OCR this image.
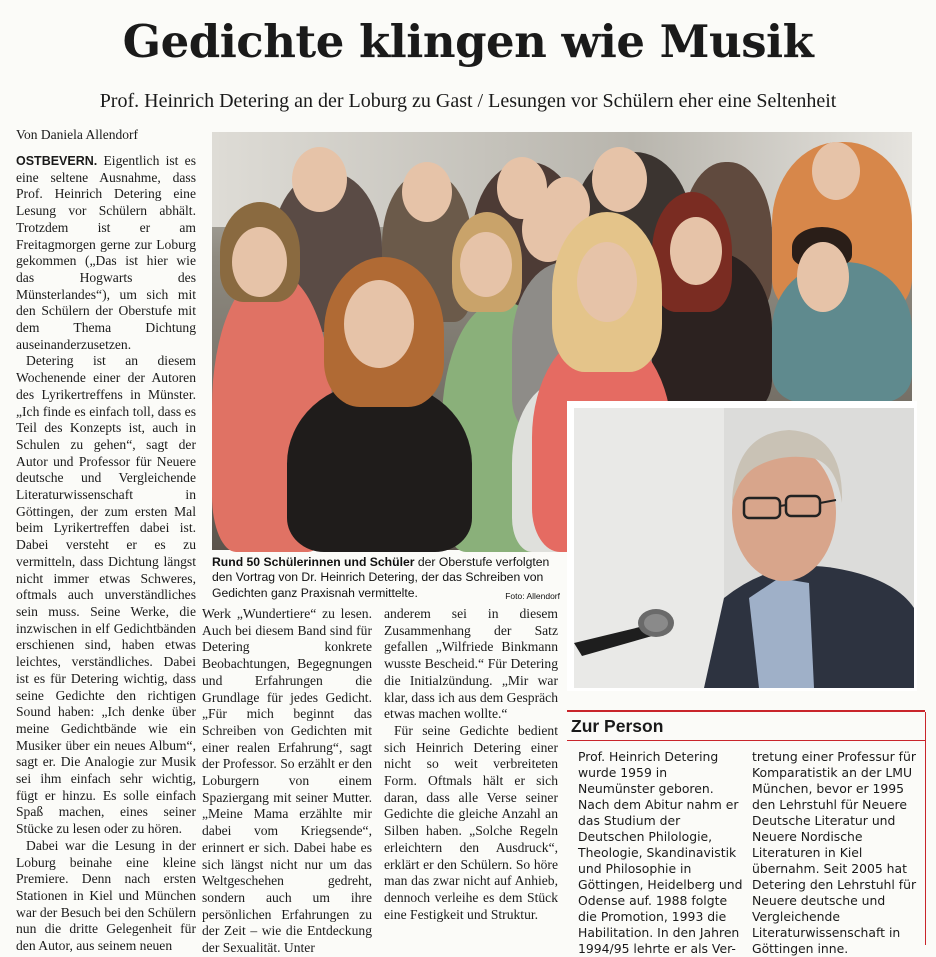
Gedichte klingen wie Musik
Prof. Heinrich Detering an der Loburg zu Gast / Lesungen vor Schülern eher eine Seltenheit
Von Daniela Allendorf

OSTBEVERN. Eigentlich ist es eine seltene Ausnahme, dass Prof. Heinrich Detering eine Lesung vor Schülern abhält. Trotzdem ist er am Freitagmorgen gerne zur Loburg gekommen („Das ist hier wie das Hogwarts des Münsterlandes“), um sich mit den Schülern der Oberstufe mit dem Thema Dichtung auseinanderzusetzen.

Detering ist an diesem Wochenende einer der Autoren des Lyrikertreffens in Münster. „Ich finde es einfach toll, dass es Teil des Konzepts ist, auch in Schulen zu gehen“, sagt der Autor und Professor für Neuere deutsche und Vergleichende Literaturwissenschaft in Göttingen, der zum ersten Mal beim Lyrikertreffen dabei ist. Dabei versteht er es zu vermitteln, dass Dichtung längst nicht immer etwas Schweres, oftmals auch unverständliches sein muss. Seine Werke, die inzwischen in elf Gedichtbänden erschienen sind, haben etwas leichtes, verständliches. Dabei ist es für Detering wichtig, dass seine Gedichte den richtigen Sound haben: „Ich denke über meine Gedichtbände wie ein Musiker über ein neues Album“, sagt er. Die Analogie zur Musik sei ihm einfach sehr wichtig, fügt er hinzu. Es solle einfach Spaß machen, eines seiner Stücke zu lesen oder zu hören.

Dabei war die Lesung in der Loburg beinahe eine kleine Premiere. Denn nach ersten Stationen in Kiel und München war der Besuch bei den Schülern nun die dritte Gelegenheit für den Autor, aus seinem neuen

Rund 50 Schülerinnen und Schüler der Oberstufe verfolgten den Vortrag von Dr. Heinrich Detering, der das Schreiben von Gedichten ganz Praxisnah vermittelte.	Foto: Allendorf

Werk „Wundertiere“ zu lesen. Auch bei diesem Band sind für Detering konkrete Beobachtungen, Begegnungen und Erfahrungen die Grundlage für jedes Gedicht. „Für mich beginnt das Schreiben von Gedichten mit einer realen Erfahrung“, sagt der Professor. So erzählt er den Loburgern von einem Spaziergang mit seiner Mutter. „Meine Mama erzählte mir dabei vom Kriegsende“, erinnert er sich. Dabei habe es sich längst nicht nur um das Weltgeschehen gedreht, sondern auch um ihre persönlichen Erfahrungen zu der Zeit – wie die Entdeckung der Sexualität. Unter

anderem sei in diesem Zusammenhang der Satz gefallen „Wilfriede Binkmann wusste Bescheid.“ Für Detering die Initialzündung. „Mir war klar, dass ich aus dem Gespräch etwas machen wollte.“

Für seine Gedichte bedient sich Heinrich Detering einer nicht so weit verbreiteten Form. Oftmals hält er sich daran, dass alle Verse seiner Gedichte die gleiche Anzahl an Silben haben. „Solche Regeln erleichtern den Ausdruck“, erklärt er den Schülern. So höre man das zwar nicht auf Anhieb, dennoch verleihe es dem Stück eine Festigkeit und Struktur.

Zur Person
Prof. Heinrich Detering wurde 1959 in Neumünster geboren. Nach dem Abitur nahm er das Studium der Deutschen Philologie, Theologie, Skandinavistik und Philosophie in Göttingen, Heidelberg und Odense auf. 1988 folgte die Promotion, 1993 die Habilitation. In den Jahren 1994/95 lehrte er als Ver-
tretung einer Professur für Komparatistik an der LMU München, bevor er 1995 den Lehrstuhl für Neuere Deutsche Literatur und Neuere Nordische Literaturen in Kiel übernahm. Seit 2005 hat Detering den Lehrstuhl für Neuere deutsche und Vergleichende Literaturwissenschaft in Göttingen inne.
